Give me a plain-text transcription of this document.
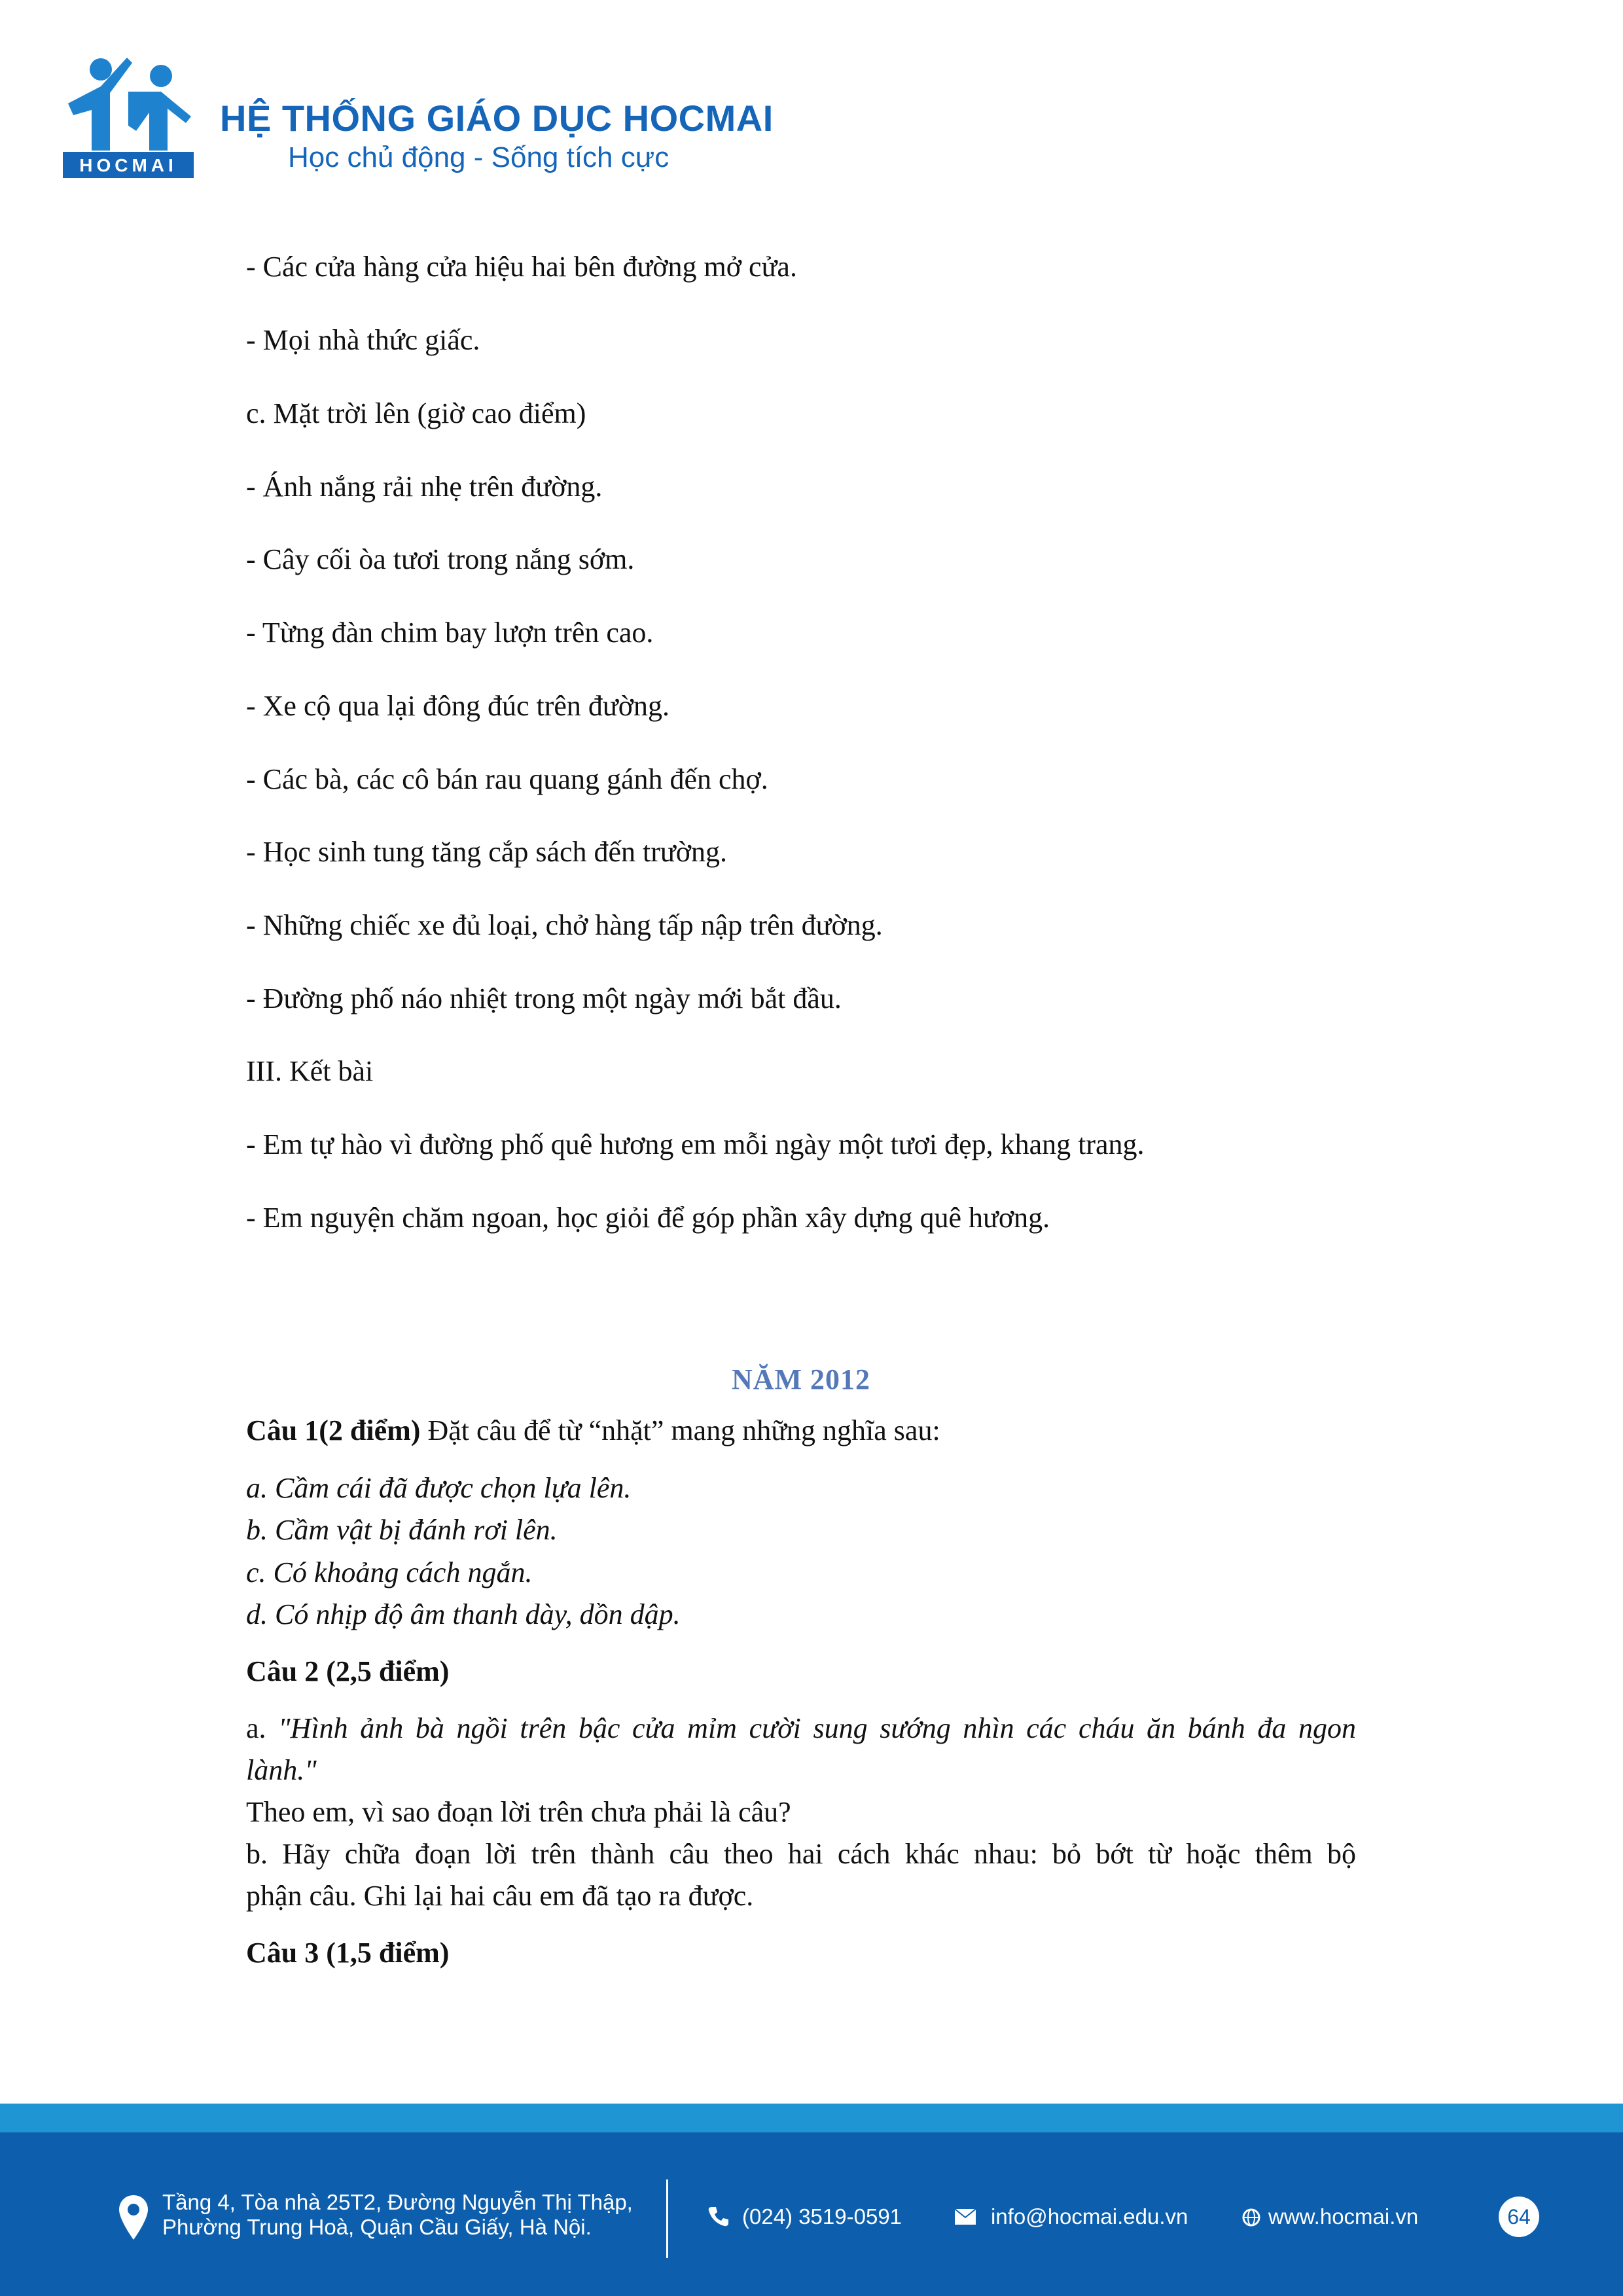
HOCMAI
HỆ THỐNG GIÁO DỤC HOCMAI
Học chủ động - Sống tích cực
- Các cửa hàng cửa hiệu hai bên đường mở cửa.
- Mọi nhà thức giấc.
c. Mặt trời lên (giờ cao điểm)
- Ánh nắng rải nhẹ trên đường.
- Cây cối òa tươi trong nắng sớm.
- Từng đàn chim bay lượn trên cao.
- Xe cộ qua lại đông đúc trên đường.
- Các bà, các cô bán rau quang gánh đến chợ.
- Học sinh tung tăng cắp sách đến trường.
- Những chiếc xe đủ loại, chở hàng tấp nập trên đường.
- Đường phố náo nhiệt trong một ngày mới bắt đầu.
III. Kết bài
- Em tự hào vì đường phố quê hương em mỗi ngày một tươi đẹp, khang trang.
- Em nguyện chăm ngoan, học giỏi để góp phần xây dựng quê hương.
NĂM 2012
Câu 1(2 điểm) Đặt câu để từ “nhặt” mang những nghĩa sau:
a. Cầm cái đã được chọn lựa lên.
b. Cầm vật bị đánh rơi lên.
c. Có khoảng cách ngắn.
d. Có nhịp độ âm thanh dày, dồn dập.
Câu 2 (2,5 điểm)
a. "Hình ảnh bà ngồi trên bậc cửa mỉm cười sung sướng nhìn các cháu ăn bánh đa ngon
lành."
Theo em, vì sao đoạn lời trên chưa phải là câu?
b. Hãy chữa đoạn lời trên thành câu theo hai cách khác nhau: bỏ bớt từ hoặc thêm bộ
phận câu. Ghi lại hai câu em đã tạo ra được.
Câu 3 (1,5 điểm)
Tầng 4, Tòa nhà 25T2, Đường Nguyễn Thị Thập,
Phường Trung Hoà, Quận Cầu Giấy, Hà Nội.	(024) 3519-0591	info@hocmai.edu.vn	www.hocmai.vn	64
